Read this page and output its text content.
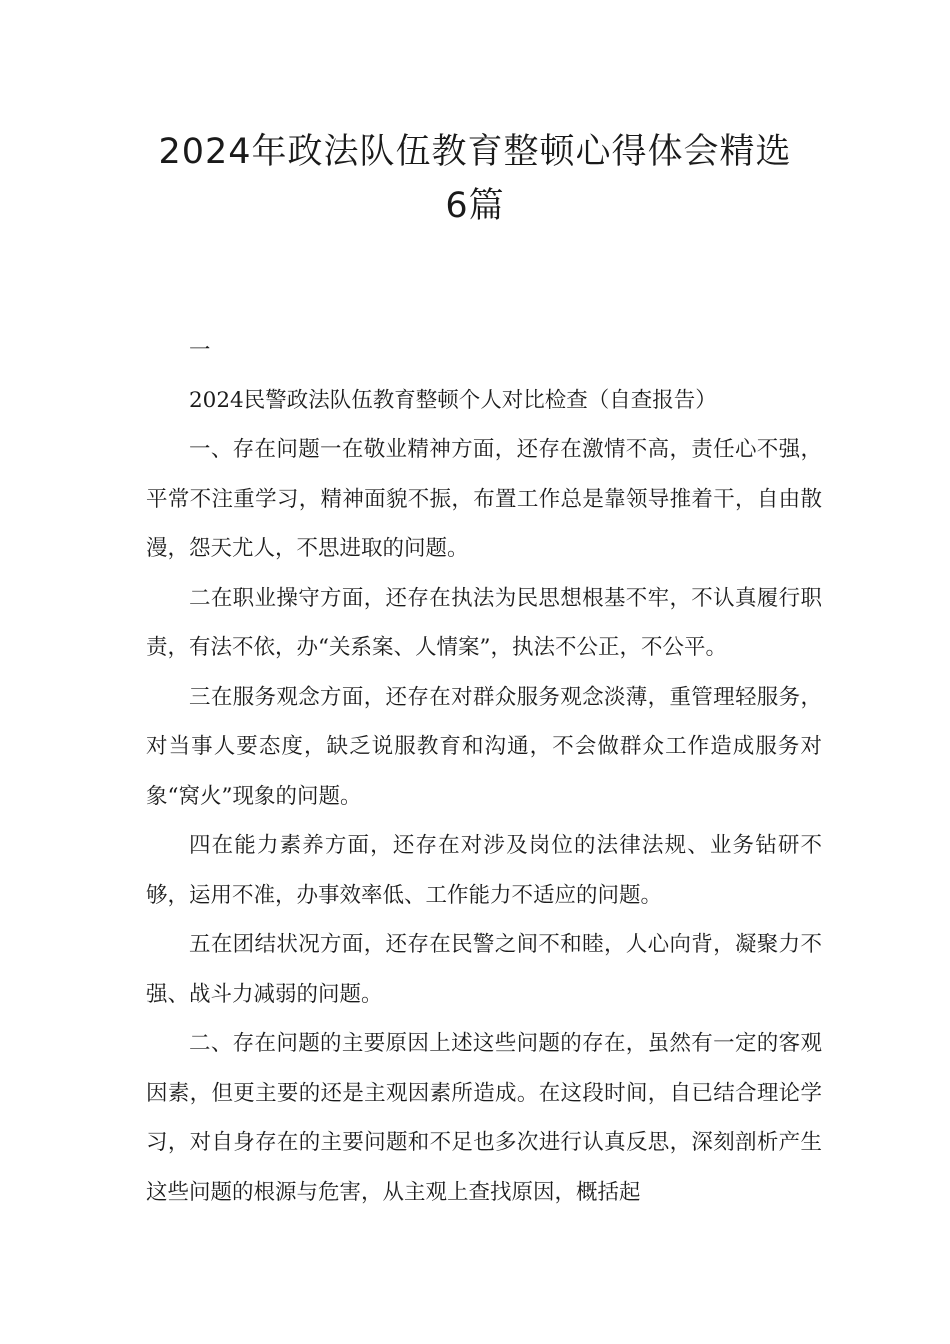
2024年政法队伍教育整顿心得体会精选
6篇

一

2024民警政法队伍教育整顿个人对比检查（自查报告）

一、存在问题一在敬业精神方面，还存在激情不高，责任心不强，平常不注重学习，精神面貌不振，布置工作总是靠领导推着干，自由散漫，怨天尤人，不思进取的问题。

二在职业操守方面，还存在执法为民思想根基不牢，不认真履行职责，有法不依，办“关系案、人情案”，执法不公正，不公平。

三在服务观念方面，还存在对群众服务观念淡薄，重管理轻服务，对当事人要态度，缺乏说服教育和沟通，不会做群众工作造成服务对象“窝火”现象的问题。

四在能力素养方面，还存在对涉及岗位的法律法规、业务钻研不够，运用不准，办事效率低、工作能力不适应的问题。

五在团结状况方面，还存在民警之间不和睦，人心向背，凝聚力不强、战斗力减弱的问题。

二、存在问题的主要原因上述这些问题的存在，虽然有一定的客观因素，但更主要的还是主观因素所造成。在这段时间，自已结合理论学习，对自身存在的主要问题和不足也多次进行认真反思，深刻剖析产生这些问题的根源与危害，从主观上查找原因，概括起
